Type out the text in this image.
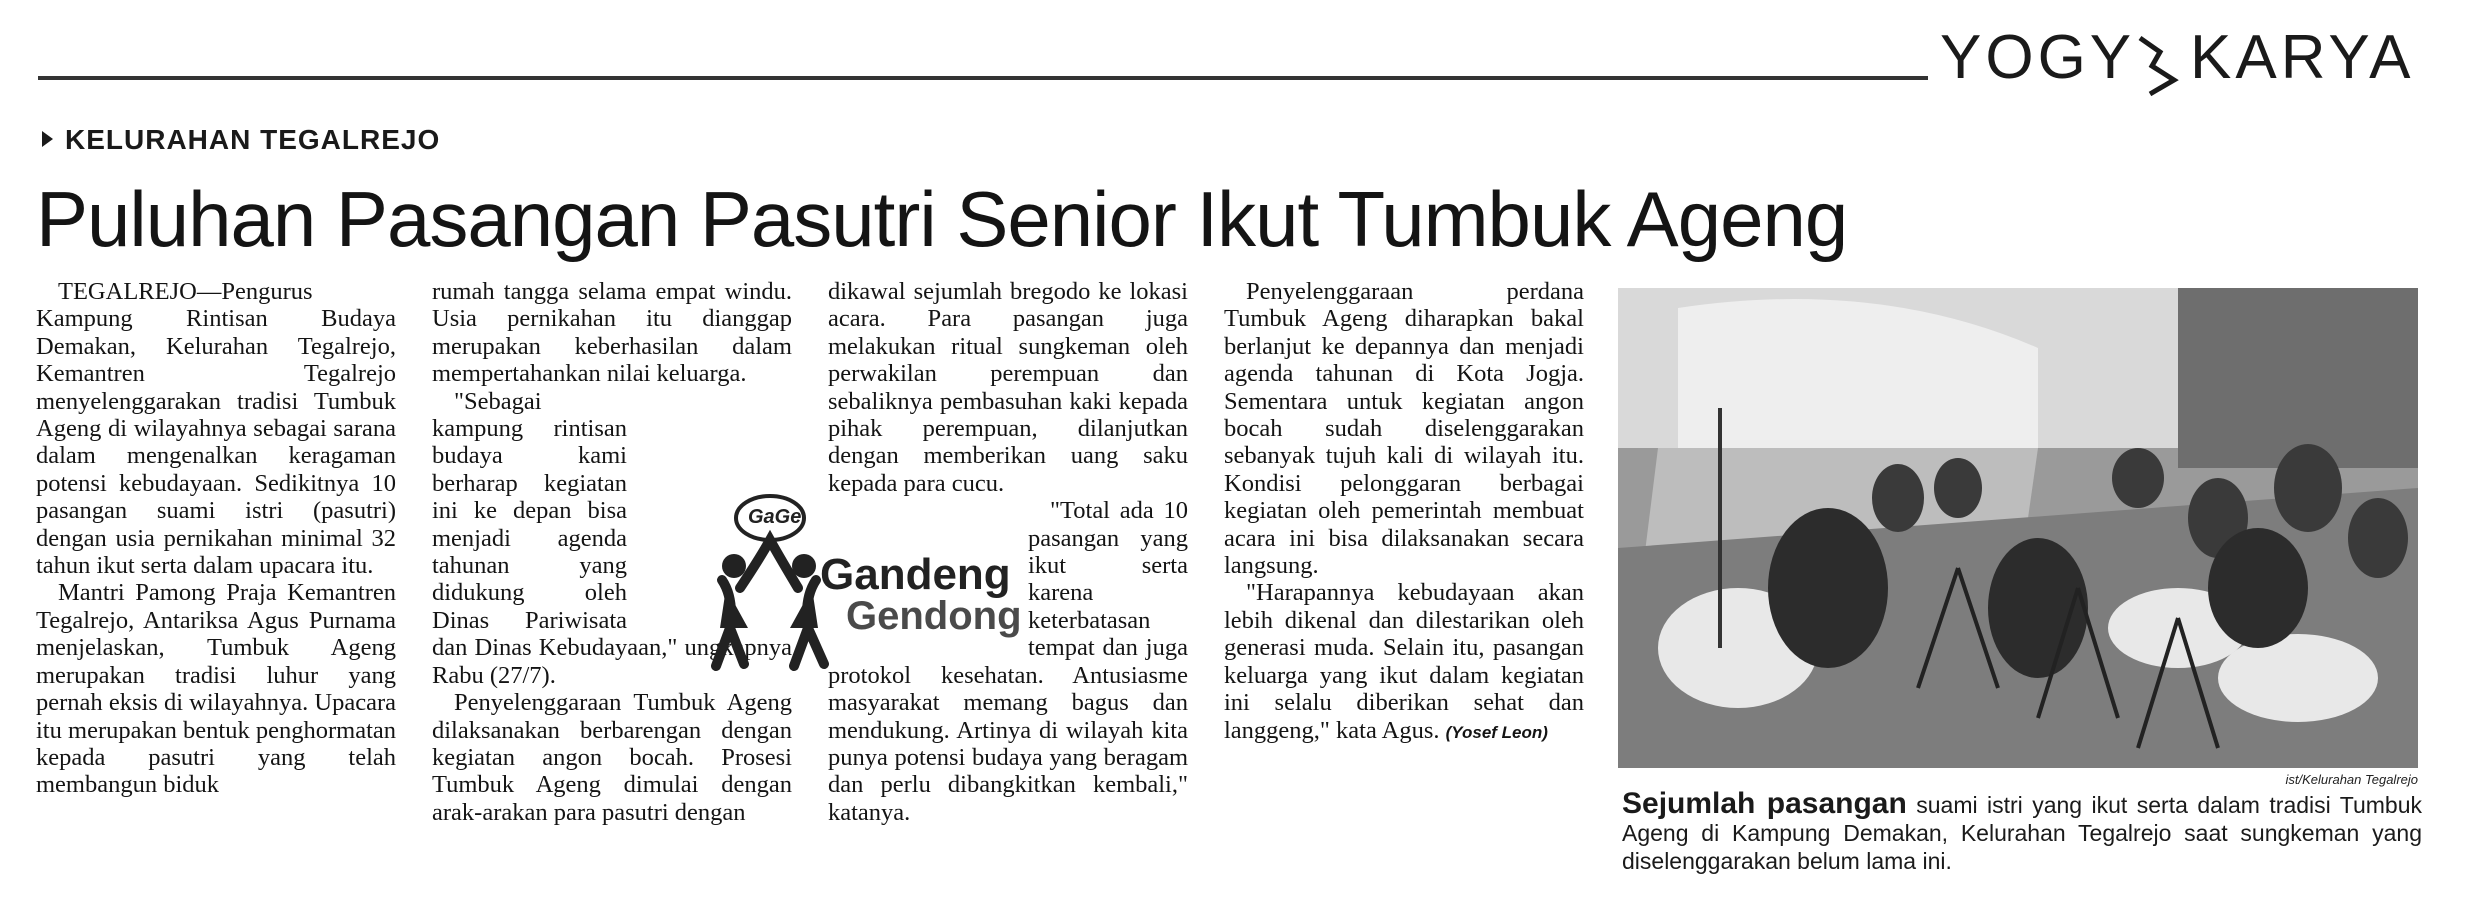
YOGY KARYA
KELURAHAN TEGALREJO
Puluhan Pasangan Pasutri Senior Ikut Tumbuk Ageng

TEGALREJO—Pengurus Kampung Rintisan Budaya Demakan, Kelurahan Tegalrejo, Kemantren Tegalrejo menyelenggarakan tradisi Tumbuk Ageng di wilayahnya sebagai sarana dalam mengenalkan keragaman potensi kebudayaan. Sedikitnya 10 pasangan suami istri (pasutri) dengan usia pernikahan minimal 32 tahun ikut serta dalam upacara itu.

Mantri Pamong Praja Kemantren Tegalrejo, Antariksa Agus Purnama menjelaskan, Tumbuk Ageng merupakan tradisi luhur yang pernah eksis di wilayahnya. Upacara itu merupakan bentuk penghormatan kepada pasutri yang telah membangun biduk

rumah tangga selama empat windu. Usia pernikahan itu dianggap merupakan keberhasilan dalam mempertahankan nilai keluarga.

"Sebagai kampung rintisan budaya kami berharap kegiatan ini ke depan bisa menjadi agenda tahunan yang didukung oleh Dinas Pariwisata dan Dinas Kebudayaan," ungkapnya Rabu (27/7).

Penyelenggaraan Tumbuk Ageng dilaksanakan berbarengan dengan kegiatan angon bocah. Prosesi Tumbuk Ageng dimulai dengan arak-arakan para pasutri dengan

dikawal sejumlah bregodo ke lokasi acara. Para pasangan juga melakukan ritual sungkeman oleh perwakilan perempuan dan sebaliknya pembasuhan kaki kepada pihak perempuan, dilanjutkan dengan memberikan uang saku kepada para cucu.

"Total ada 10 pasangan yang ikut serta karena keterbatasan tempat dan juga protokol kesehatan. Antusiasme masyarakat memang bagus dan mendukung. Artinya di wilayah kita punya potensi budaya yang beragam dan perlu dibangkitkan kembali," katanya.

Penyelenggaraan perdana Tumbuk Ageng diharapkan bakal berlanjut ke depannya dan menjadi agenda tahunan di Kota Jogja. Sementara untuk kegiatan angon bocah sudah diselenggarakan sebanyak tujuh kali di wilayah itu. Kondisi pelonggaran berbagai kegiatan oleh pemerintah membuat acara ini bisa dilaksanakan secara langsung.

"Harapannya kebudayaan akan lebih dikenal dan dilestarikan oleh generasi muda. Selain itu, pasangan keluarga yang ikut dalam kegiatan ini selalu diberikan sehat dan langgeng," kata Agus. (Yosef Leon)

GaGe
Gandeng
Gendong
ist/Kelurahan Tegalrejo
Sejumlah pasangan suami istri yang ikut serta dalam tradisi Tumbuk Ageng di Kampung Demakan, Kelurahan Tegalrejo saat sungkeman yang diselenggarakan belum lama ini.
